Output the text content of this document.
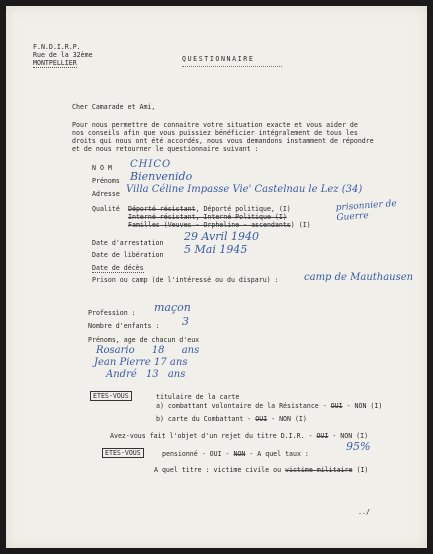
F.N.D.I.R.P.
Rue de la 32ème
MONTPELLIER	QUESTIONNAIRE
Cher Camarade et Ami,
Pour nous permettre de connaitre votre situation exacte et vous aider de
nos conseils afin que vous puissiez bénéficier intégralement de tous les
droits qui nous ont été accordés, nous vous demandons instamment de répondre
et de nous retourner le questionnaire suivant :
N O M CHICO
Prénoms Bienvenido
Adresse Villa Céline Impasse Vie' Castelnau le Lez (34)
Qualité Déporté résistant, Déporté politique, (I)
Interné résistant, Interné Politique (I)
Familles (Veuves - Orpheline - ascendants) (I)
prisonnier de Guerre
Date d'arrestation 29 Avril 1940
Date de libération 5 Mai 1945
Date de décès
Prison ou camp (de l'intéressé ou du disparu) :	camp de Mauthausen
Profession : maçon
Nombre d'enfants : 3
Prénoms, age de chacun d'eux
Rosario 18 ans
Jean Pierre 17 ans
André 13 ans
ETES-VOUS	titulaire de la carte
a) combattant volontaire de la Résistance - OUI - NON (I)
b) carte du Combattant - OUI - NON (I)
Avez-vous fait l'objet d'un rejet du titre D.I.R. - OUI - NON (I)
ETES-VOUS	pensionné - OUI - NON - A quel taux :
95%
A quel titre : victime civile ou victime militaire (I)
../
